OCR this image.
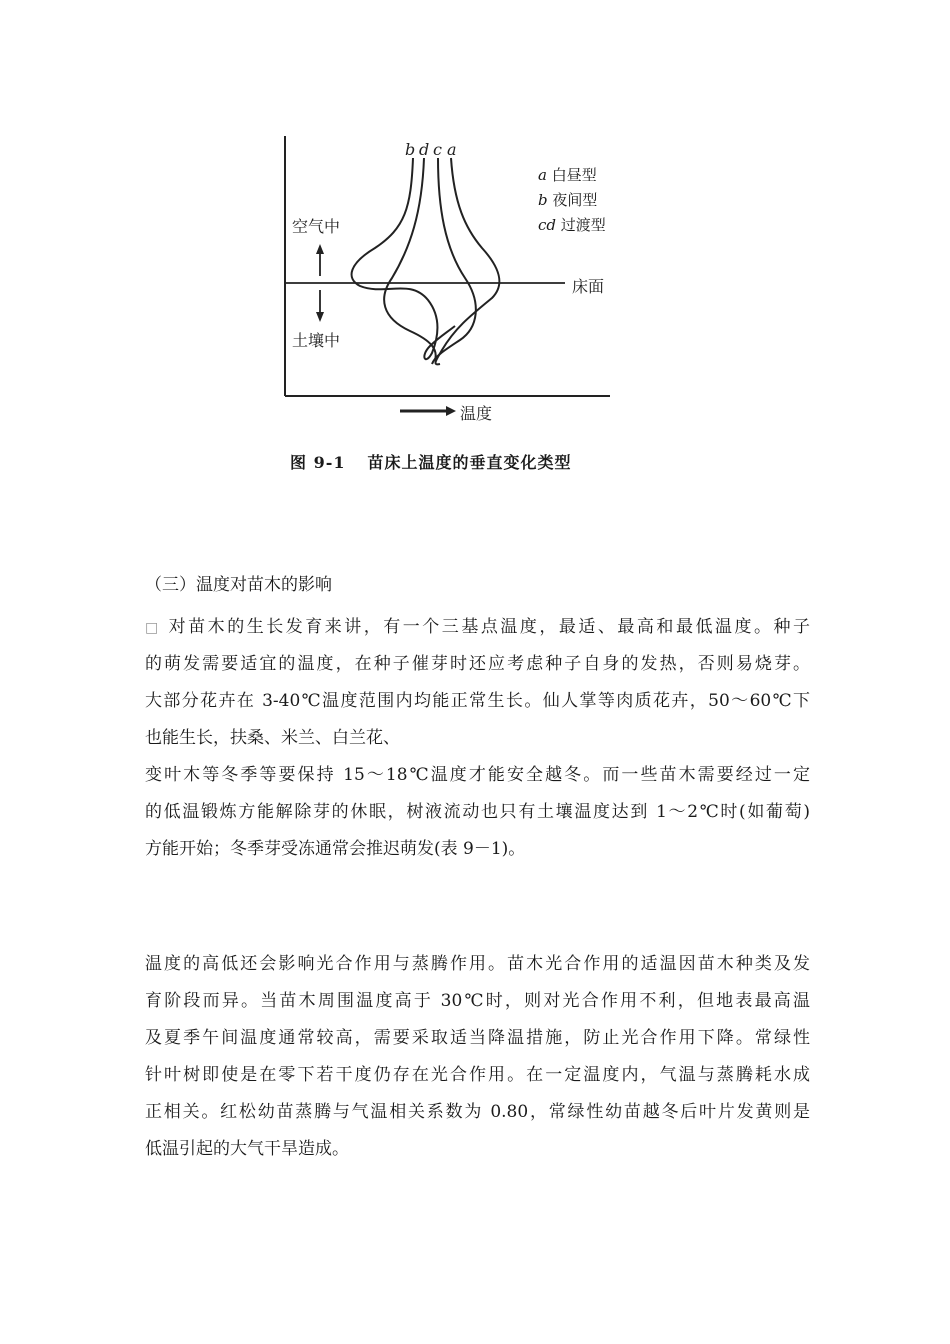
b d c a
a 白昼型
b 夜间型
cd 过渡型
空气中
土壤中
床面
温度
图 9-1 苗床上温度的垂直变化类型
（三）温度对苗木的影响
□ 对苗木的生长发育来讲，有一个三基点温度，最适、最高和最低温度。种子
的萌发需要适宜的温度，在种子催芽时还应考虑种子自身的发热，否则易烧芽。
大部分花卉在 3-40℃温度范围内均能正常生长。仙人掌等肉质花卉，50～60℃下
也能生长，扶桑、米兰、白兰花、
变叶木等冬季等要保持 15～18℃温度才能安全越冬。而一些苗木需要经过一定
的低温锻炼方能解除芽的休眠，树液流动也只有土壤温度达到 1～2℃时(如葡萄)
方能开始；冬季芽受冻通常会推迟萌发(表 9－1)。
温度的高低还会影响光合作用与蒸腾作用。苗木光合作用的适温因苗木种类及发
育阶段而异。当苗木周围温度高于 30℃时，则对光合作用不利，但地表最高温
及夏季午间温度通常较高，需要采取适当降温措施，防止光合作用下降。常绿性
针叶树即使是在零下若干度仍存在光合作用。在一定温度内，气温与蒸腾耗水成
正相关。红松幼苗蒸腾与气温相关系数为 0.80，常绿性幼苗越冬后叶片发黄则是
低温引起的大气干旱造成。
